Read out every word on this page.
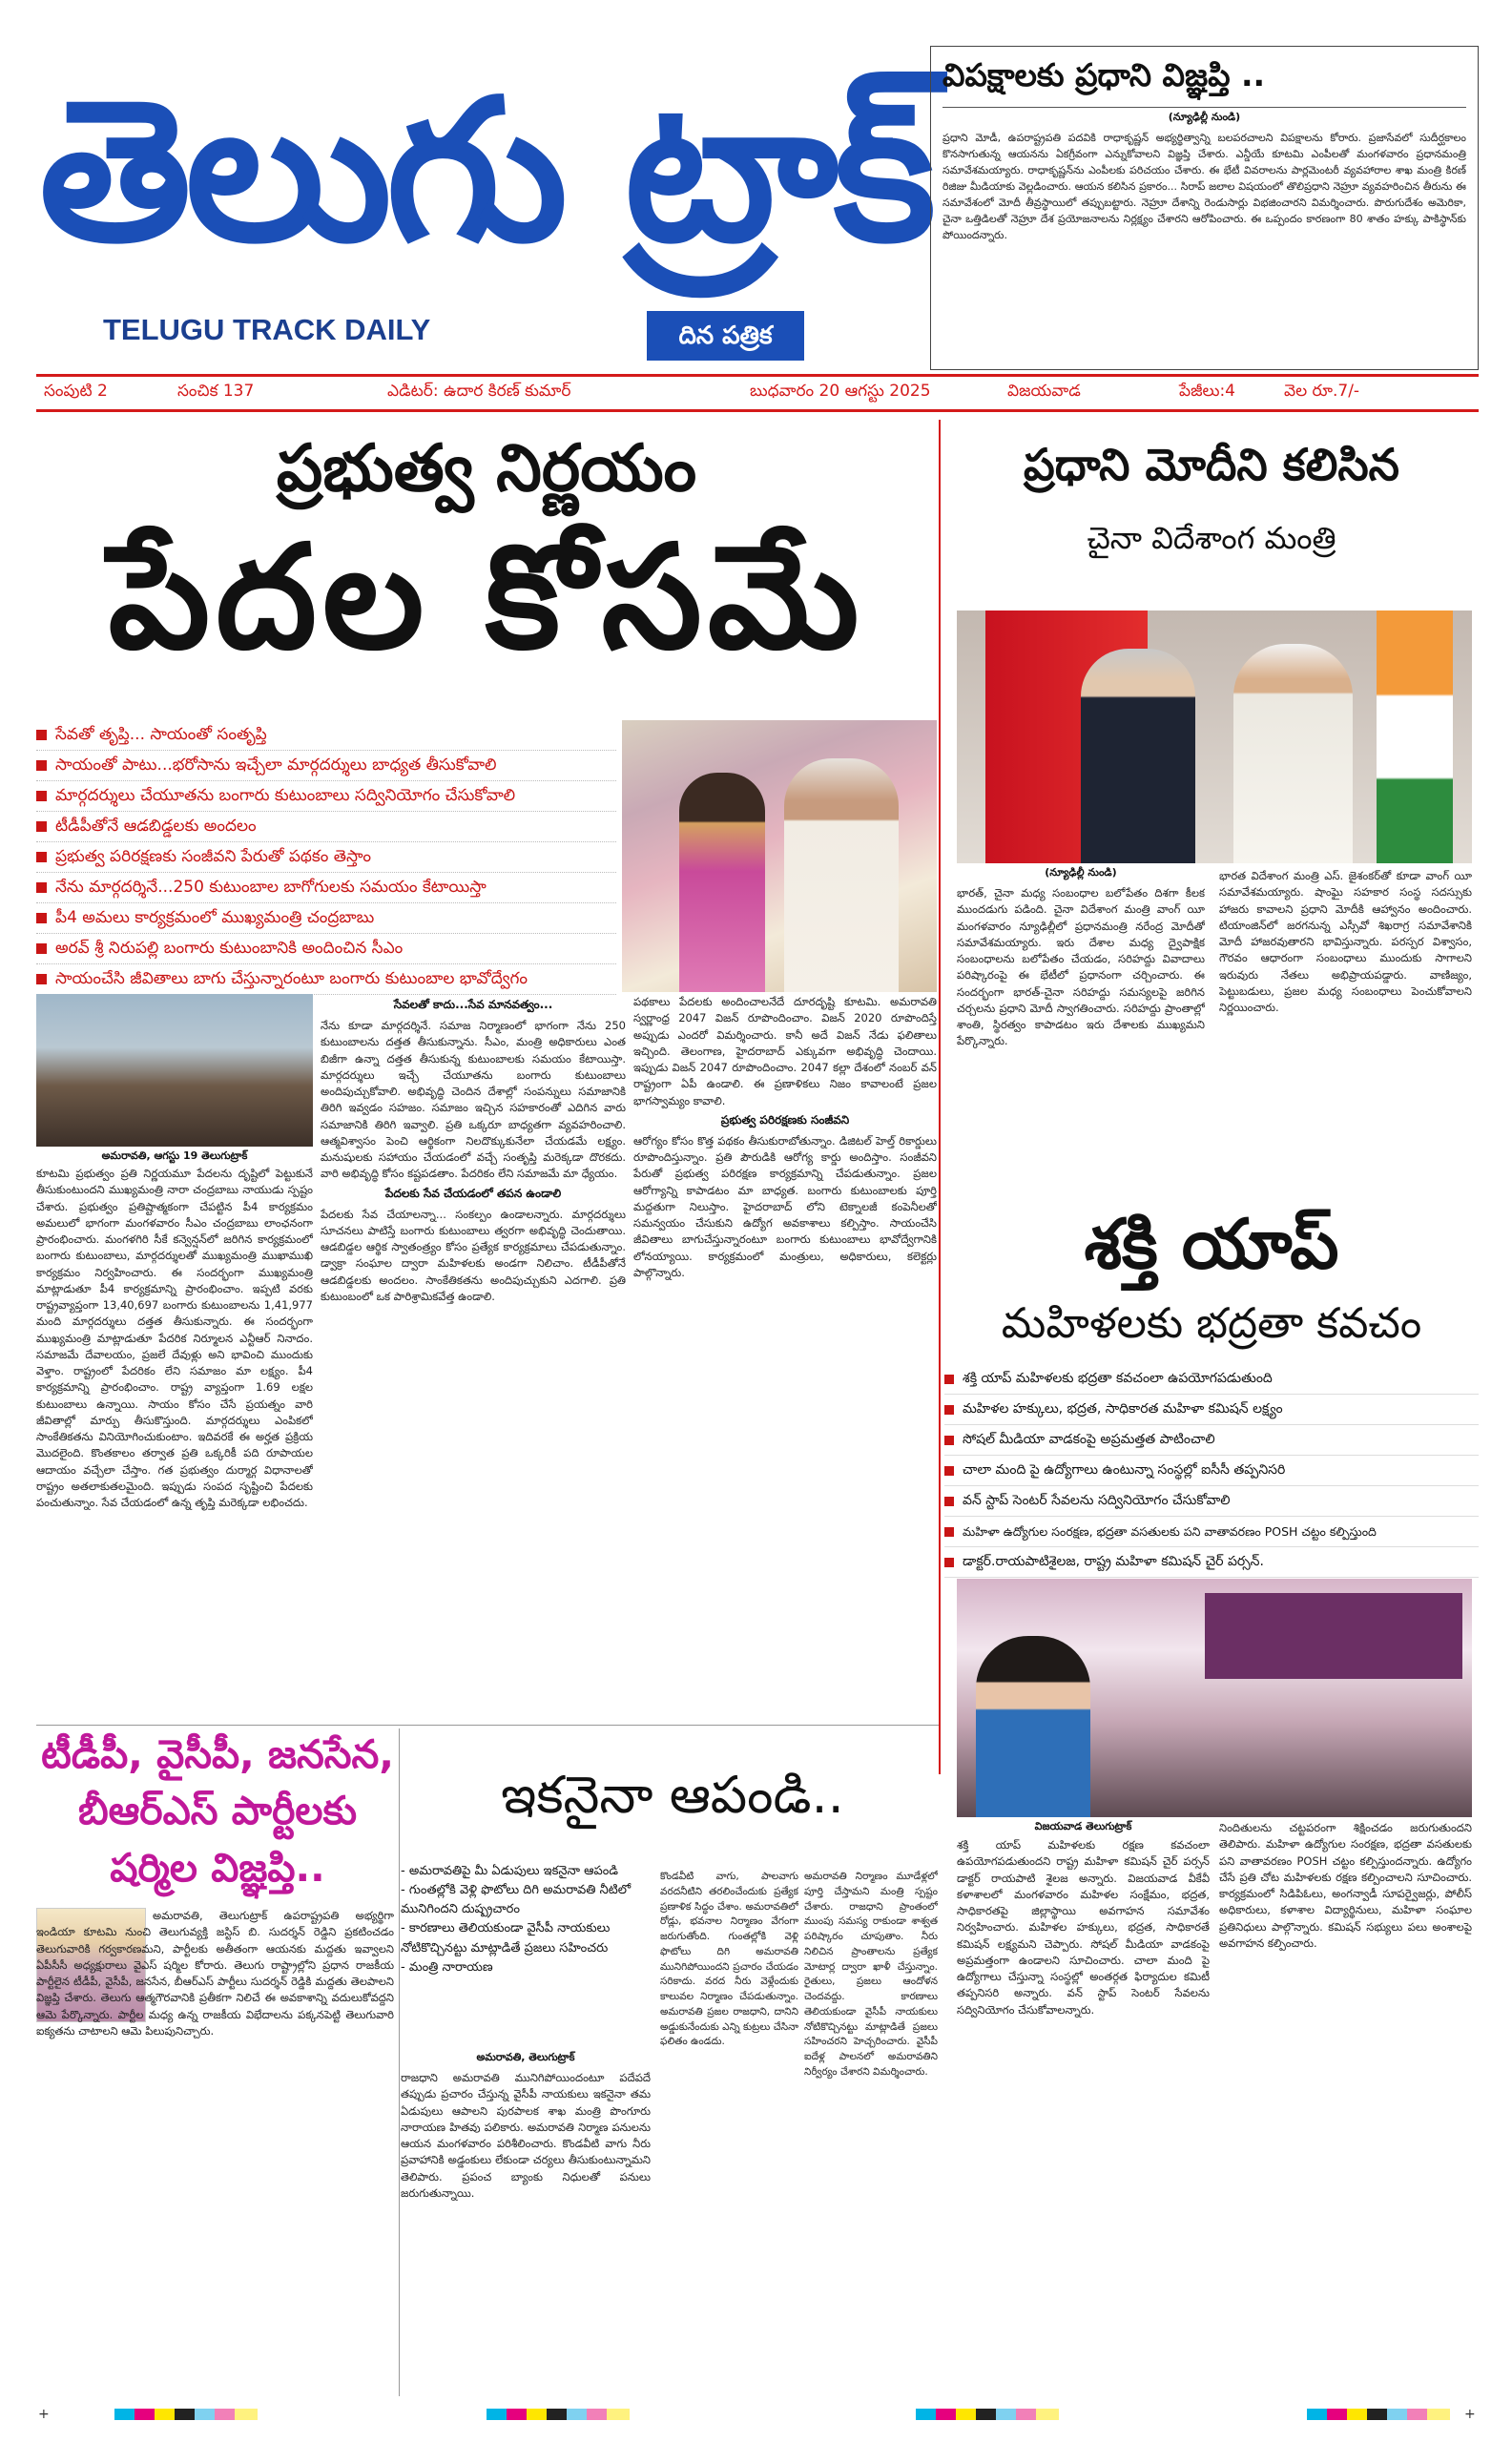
తెలుగు ట్రాక్
TELUGU TRACK DAILY	దిన పత్రిక
విపక్షాలకు ప్రధాని విజ్ఞప్తి ..
(న్యూఢిల్లీ నుండి)
ప్రధాని మోడీ, ఉపరాష్ట్రపతి పదవికి రాధాకృష్ణన్ అభ్యర్థిత్వాన్ని బలపరచాలని విపక్షాలను కోరారు. ప్రజాసేవలో సుదీర్ఘకాలం కొనసాగుతున్న ఆయనను ఏకగ్రీవంగా ఎన్నుకోవాలని విజ్ఞప్తి చేశారు. ఎన్డీయే కూటమి ఎంపీలతో మంగళవారం ప్రధానమంత్రి సమావేశమయ్యారు. రాధాకృష్ణన్‌ను ఎంపీలకు పరిచయం చేశారు. ఈ భేటీ వివరాలను పార్లమెంటరీ వ్యవహారాల శాఖ మంత్రి కిరణ్ రిజిజు మీడియాకు వెల్లడించారు. ఆయన కలిసిన ప్రకారం... సిరాప్ జలాల విషయంలో తొలిప్రధాని నెహ్రూ వ్యవహరించిన తీరును ఈ సమావేశంలో మోదీ తీవ్రస్థాయిలో తప్పుబట్టారు. నెహ్రూ దేశాన్ని రెండుసార్లు విభజించారని విమర్శించారు. పొరుగుదేశం అమెరికా, చైనా ఒత్తిడిలతో నెహ్రూ దేశ ప్రయోజనాలను నిర్లక్ష్యం చేశారని ఆరోపించారు. ఈ ఒప్పందం కారణంగా 80 శాతం హక్కు పాకిస్థాన్‌కు పోయిందన్నారు.
సంపుటి 2	సంచిక 137	ఎడిటర్: ఉదార కిరణ్ కుమార్	బుధవారం 20 ఆగస్టు 2025	విజయవాడ	పేజీలు:4	వెల రూ.7/-
ప్రభుత్వ నిర్ణయం
పేదల కోసమే
సేవతో తృప్తి... సాయంతో సంతృప్తి
సాయంతో పాటు...భరోసాను ఇచ్చేలా మార్గదర్శులు బాధ్యత తీసుకోవాలి
మార్గదర్శులు చేయూతను బంగారు కుటుంబాలు సద్వినియోగం చేసుకోవాలి
టీడీపీతోనే ఆడబిడ్డలకు అందలం
ప్రభుత్వ పరిరక్షణకు సంజీవని పేరుతో పథకం తెస్తాం
నేను మార్గదర్శినే...250 కుటుంబాల బాగోగులకు సమయం కేటాయిస్తా
పీ4 అమలు కార్యక్రమంలో ముఖ్యమంత్రి చంద్రబాబు
అరవ్ శ్రీ నిరుపల్లి బంగారు కుటుంబానికి అందించిన సీఎం
సాయంచేసి జీవితాలు బాగు చేస్తున్నారంటూ బంగారు కుటుంబాల భావోద్వేగం
అమరావతి, ఆగస్టు 19 తెలుగుట్రాక్
కూటమి ప్రభుత్వం ప్రతి నిర్ణయమూ పేదలను దృష్టిలో పెట్టుకునే తీసుకుంటుందని ముఖ్యమంత్రి నారా చంద్రబాబు నాయుడు స్పష్టం చేశారు. ప్రభుత్వం ప్రతిష్టాత్మకంగా చేపట్టిన పీ4 కార్యక్రమం అమలులో భాగంగా మంగళవారం సీఎం చంద్రబాబు లాంఛనంగా ప్రారంభించారు. మంగళగిరి సీకే కన్వెన్షన్‌లో జరిగిన కార్యక్రమంలో బంగారు కుటుంబాలు, మార్గదర్శులతో ముఖ్యమంత్రి ముఖాముఖి కార్యక్రమం నిర్వహించారు. ఈ సందర్భంగా ముఖ్యమంత్రి మాట్లాడుతూ పీ4 కార్యక్రమాన్ని ప్రారంభించాం. ఇప్పటి వరకు రాష్ట్రవ్యాప్తంగా 13,40,697 బంగారు కుటుంబాలను 1,41,977 మంది మార్గదర్శులు దత్తత తీసుకున్నారు. ఈ సందర్భంగా ముఖ్యమంత్రి మాట్లాడుతూ పేదరిక నిర్మూలన ఎన్టీఆర్ నినాదం. సమాజమే దేవాలయం, ప్రజలే దేవుళ్లు అని భావించి ముందుకు వెళ్తాం. రాష్ట్రంలో పేదరికం లేని సమాజం మా లక్ష్యం. పీ4 కార్యక్రమాన్ని ప్రారంభించాం. రాష్ట్ర వ్యాప్తంగా 1.69 లక్షల కుటుంబాలు ఉన్నాయి. సాయం కోసం చేసే ప్రయత్నం వారి జీవితాల్లో మార్పు తీసుకొస్తుంది. మార్గదర్శులు ఎంపికలో సాంకేతికతను వినియోగించుకుంటాం. ఇదివరకే ఈ అర్హత ప్రక్రియ మొదలైంది. కొంతకాలం తర్వాత ప్రతి ఒక్కరికీ పది రూపాయల ఆదాయం వచ్చేలా చేస్తాం. గత ప్రభుత్వం దుర్మార్గ విధానాలతో రాష్ట్రం అతలాకుతలమైంది. ఇప్పుడు సంపద సృష్టించి పేదలకు పంచుతున్నాం. సేవ చేయడంలో ఉన్న తృప్తి మరెక్కడా లభించదు.
సేవలతో కాదు...సేవ మానవత్వం...
నేను కూడా మార్గదర్శినే. సమాజ నిర్మాణంలో భాగంగా నేను 250 కుటుంబాలను దత్తత తీసుకున్నాను. సీఎం, మంత్రి అధికారులు ఎంత బిజీగా ఉన్నా దత్తత తీసుకున్న కుటుంబాలకు సమయం కేటాయిస్తా. మార్గదర్శులు ఇచ్చే చేయూతను బంగారు కుటుంబాలు అందిపుచ్చుకోవాలి. అభివృద్ధి చెందిన దేశాల్లో సంపన్నులు సమాజానికి తిరిగి ఇవ్వడం సహజం. సమాజం ఇచ్చిన సహకారంతో ఎదిగిన వారు సమాజానికి తిరిగి ఇవ్వాలి. ప్రతి ఒక్కరూ బాధ్యతగా వ్యవహరించాలి. ఆత్మవిశ్వాసం పెంచి ఆర్థికంగా నిలదొక్కుకునేలా చేయడమే లక్ష్యం. మనుషులకు సహాయం చేయడంలో వచ్చే సంతృప్తి మరెక్కడా దొరకదు. వారి అభివృద్ధి కోసం కష్టపడతాం. పేదరికం లేని సమాజమే మా ధ్యేయం.
పేదలకు సేవ చేయడంలో తపన ఉండాలి
పేదలకు సేవ చేయాలన్నా... సంకల్పం ఉండాలన్నారు. మార్గదర్శులు సూచనలు పాటిస్తే బంగారు కుటుంబాలు త్వరగా అభివృద్ధి చెందుతాయి. ఆడబిడ్డల ఆర్థిక స్వాతంత్ర్యం కోసం ప్రత్యేక కార్యక్రమాలు చేపడుతున్నాం. డ్వాక్రా సంఘాల ద్వారా మహిళలకు అండగా నిలిచాం. టీడీపీతోనే ఆడబిడ్డలకు అందలం. సాంకేతికతను అందిపుచ్చుకుని ఎదగాలి. ప్రతి కుటుంబంలో ఒక పారిశ్రామికవేత్త ఉండాలి.
పథకాలు పేదలకు అందించాలనేదే దూరదృష్టి కూటమి. అమరావతి స్వర్ణాంధ్ర 2047 విజన్ రూపొందించాం. విజన్ 2020 రూపొందిస్తే అప్పుడు ఎందరో విమర్శించారు. కానీ అదే విజన్ నేడు ఫలితాలు ఇచ్చింది. తెలంగాణ, హైదరాబాద్ ఎక్కువగా అభివృద్ధి చెందాయి. ఇప్పుడు విజన్ 2047 రూపొందించాం. 2047 కల్లా దేశంలో నంబర్ వన్ రాష్ట్రంగా ఏపీ ఉండాలి. ఈ ప్రణాళికలు నిజం కావాలంటే ప్రజల భాగస్వామ్యం కావాలి.
ప్రభుత్వ పరిరక్షణకు సంజీవని
ఆరోగ్యం కోసం కొత్త పథకం తీసుకురాబోతున్నాం. డిజిటల్ హెల్త్ రికార్డులు రూపొందిస్తున్నాం. ప్రతి పౌరుడికి ఆరోగ్య కార్డు అందిస్తాం. సంజీవని పేరుతో ప్రభుత్వ పరిరక్షణ కార్యక్రమాన్ని చేపడుతున్నాం. ప్రజల ఆరోగ్యాన్ని కాపాడటం మా బాధ్యత. బంగారు కుటుంబాలకు పూర్తి మద్దతుగా నిలుస్తాం. హైదరాబాద్ లోని టెక్నాలజీ కంపెనీలతో సమన్వయం చేసుకుని ఉద్యోగ అవకాశాలు కల్పిస్తాం. సాయంచేసి జీవితాలు బాగుచేస్తున్నారంటూ బంగారు కుటుంబాలు భావోద్వేగానికి లోనయ్యాయి. కార్యక్రమంలో మంత్రులు, అధికారులు, కలెక్టర్లు పాల్గొన్నారు.
ప్రధాని మోదీని కలిసిన
చైనా విదేశాంగ మంత్రి
(న్యూఢిల్లీ నుండి)
భారత్, చైనా మధ్య సంబంధాల బలోపేతం దిశగా కీలక ముందడుగు పడింది. చైనా విదేశాంగ మంత్రి వాంగ్ యీ మంగళవారం న్యూఢిల్లీలో ప్రధానమంత్రి నరేంద్ర మోదీతో సమావేశమయ్యారు. ఇరు దేశాల మధ్య ద్వైపాక్షిక సంబంధాలను బలోపేతం చేయడం, సరిహద్దు వివాదాలు పరిష్కారంపై ఈ భేటీలో ప్రధానంగా చర్చించారు. ఈ సందర్భంగా భారత్-చైనా సరిహద్దు సమస్యలపై జరిగిన చర్చలను ప్రధాని మోదీ స్వాగతించారు. సరిహద్దు ప్రాంతాల్లో శాంతి, స్థిరత్వం కాపాడటం ఇరు దేశాలకు ముఖ్యమని పేర్కొన్నారు.
భారత విదేశాంగ మంత్రి ఎస్. జైశంకర్‌తో కూడా వాంగ్ యీ సమావేశమయ్యారు. షాంఘై సహకార సంస్థ సదస్సుకు హాజరు కావాలని ప్రధాని మోదీకి ఆహ్వానం అందించారు. టియాంజిన్‌లో జరగనున్న ఎస్సీవో శిఖరాగ్ర సమావేశానికి మోదీ హాజరవుతారని భావిస్తున్నారు. పరస్పర విశ్వాసం, గౌరవం ఆధారంగా సంబంధాలు ముందుకు సాగాలని ఇరువురు నేతలు అభిప్రాయపడ్డారు. వాణిజ్యం, పెట్టుబడులు, ప్రజల మధ్య సంబంధాలు పెంచుకోవాలని నిర్ణయించారు.
శక్తి యాప్
మహిళలకు భద్రతా కవచం
శక్తి యాప్ మహిళలకు భద్రతా కవచంలా ఉపయోగపడుతుంది
మహిళల హక్కులు, భద్రత, సాధికారత మహిళా కమిషన్ లక్ష్యం
సోషల్ మీడియా వాడకంపై అప్రమత్తత పాటించాలి
చాలా మంది పై ఉద్యోగాలు ఉంటున్నా సంస్థల్లో ఐసీసీ తప్పనిసరి
వన్ స్టాప్ సెంటర్ సేవలను సద్వినియోగం చేసుకోవాలి
మహిళా ఉద్యోగుల సంరక్షణ, భద్రతా వసతులకు పని వాతావరణం POSH చట్టం కల్పిస్తుంది
డాక్టర్.రాయపాటిశైలజ, రాష్ట్ర మహిళా కమిషన్ చైర్ పర్సన్.
విజయవాడ తెలుగుట్రాక్
శక్తి యాప్ మహిళలకు రక్షణ కవచంలా ఉపయోగపడుతుందని రాష్ట్ర మహిళా కమిషన్ చైర్ పర్సన్ డాక్టర్ రాయపాటి శైలజ అన్నారు. విజయవాడ వీకేవీ కళాశాలలో మంగళవారం మహిళల సంక్షేమం, భద్రత, సాధికారతపై జిల్లాస్థాయి అవగాహన సమావేశం నిర్వహించారు. మహిళల హక్కులు, భద్రత, సాధికారతే కమిషన్ లక్ష్యమని చెప్పారు. సోషల్ మీడియా వాడకంపై అప్రమత్తంగా ఉండాలని సూచించారు. చాలా మంది పై ఉద్యోగాలు చేస్తున్నా సంస్థల్లో అంతర్గత ఫిర్యాదుల కమిటీ తప్పనిసరి అన్నారు. వన్ స్టాప్ సెంటర్ సేవలను సద్వినియోగం చేసుకోవాలన్నారు.
నిందితులను చట్టపరంగా శిక్షించడం జరుగుతుందని తెలిపారు. మహిళా ఉద్యోగుల సంరక్షణ, భద్రతా వసతులకు పని వాతావరణం POSH చట్టం కల్పిస్తుందన్నారు. ఉద్యోగం చేసే ప్రతి చోట మహిళలకు రక్షణ కల్పించాలని సూచించారు. కార్యక్రమంలో సిడిపిఓలు, అంగన్వాడీ సూపర్వైజర్లు, పోలీస్ అధికారులు, కళాశాల విద్యార్థినులు, మహిళా సంఘాల ప్రతినిధులు పాల్గొన్నారు. కమిషన్ సభ్యులు పలు అంశాలపై అవగాహన కల్పించారు.
టీడీపీ, వైసీపీ, జనసేన, బీఆర్ఎస్ పార్టీలకు షర్మిల విజ్ఞప్తి..
అమరావతి, తెలుగుట్రాక్ ఉపరాష్ట్రపతి అభ్యర్థిగా ఇండియా కూటమి నుంచి తెలుగువ్యక్తి జస్టిస్ బి. సుదర్శన్ రెడ్డిని ప్రకటించడం తెలుగువారికి గర్వకారణమని, పార్టీలకు అతీతంగా ఆయనకు మద్దతు ఇవ్వాలని ఏపీసీసీ అధ్యక్షురాలు వైఎస్ షర్మిల కోరారు. తెలుగు రాష్ట్రాల్లోని ప్రధాన రాజకీయ పార్టీలైన టీడీపీ, వైసీపీ, జనసేన, బీఆర్ఎస్ పార్టీలు సుదర్శన్ రెడ్డికి మద్దతు తెలపాలని విజ్ఞప్తి చేశారు. తెలుగు ఆత్మగౌరవానికి ప్రతీకగా నిలిచే ఈ అవకాశాన్ని వదులుకోవద్దని ఆమె పేర్కొన్నారు. పార్టీల మధ్య ఉన్న రాజకీయ విభేదాలను పక్కనపెట్టి తెలుగువారి ఐక్యతను చాటాలని ఆమె పిలుపునిచ్చారు.
ఇకనైనా ఆపండి..
- అమరావతిపై మీ ఏడుపులు ఇకనైనా ఆపండి
- గుంతల్లోకి వెళ్లి ఫొటోలు దిగి అమరావతి నీటిలో మునిగిందని దుష్ప్రచారం
- కారణాలు తెలియకుండా వైసీపీ నాయకులు నోటికొచ్చినట్టు మాట్లాడితే ప్రజలు సహించరు
- మంత్రి నారాయణ
అమరావతి, తెలుగుట్రాక్
రాజధాని అమరావతి మునిగిపోయిందంటూ పదేపదే తప్పుడు ప్రచారం చేస్తున్న వైసీపీ నాయకులు ఇకనైనా తమ ఏడుపులు ఆపాలని పురపాలక శాఖ మంత్రి పొంగూరు నారాయణ హితవు పలికారు. అమరావతి నిర్మాణ పనులను ఆయన మంగళవారం పరిశీలించారు. కొండవీటి వాగు నీరు ప్రవాహానికి అడ్డంకులు లేకుండా చర్యలు తీసుకుంటున్నామని తెలిపారు. ప్రపంచ బ్యాంకు నిధులతో పనులు జరుగుతున్నాయి.
కొండవీటి వాగు, పాలవాగు వరదనీటిని తరలించేందుకు ప్రత్యేక ప్రణాళిక సిద్ధం చేశాం. అమరావతిలో రోడ్లు, భవనాల నిర్మాణం వేగంగా జరుగుతోంది. గుంతల్లోకి వెళ్లి ఫొటోలు దిగి అమరావతి మునిగిపోయిందని ప్రచారం చేయడం సరికాదు. వరద నీరు వెళ్లేందుకు కాలువల నిర్మాణం చేపడుతున్నాం. అమరావతి ప్రజల రాజధాని, దానిని అడ్డుకునేందుకు ఎన్ని కుట్రలు చేసినా ఫలితం ఉండదు.
అమరావతి నిర్మాణం మూడేళ్లలో పూర్తి చేస్తామని మంత్రి స్పష్టం చేశారు. రాజధాని ప్రాంతంలో ముంపు సమస్య రాకుండా శాశ్వత పరిష్కారం చూపుతాం. నీరు నిలిచిన ప్రాంతాలను ప్రత్యేక మోటార్ల ద్వారా ఖాళీ చేస్తున్నాం. రైతులు, ప్రజలు ఆందోళన చెందవద్దు. కారణాలు తెలియకుండా వైసీపీ నాయకులు నోటికొచ్చినట్టు మాట్లాడితే ప్రజలు సహించరని హెచ్చరించారు. వైసీపీ ఐదేళ్ల పాలనలో అమరావతిని నిర్వీర్యం చేశారని విమర్శించారు.
+	+
